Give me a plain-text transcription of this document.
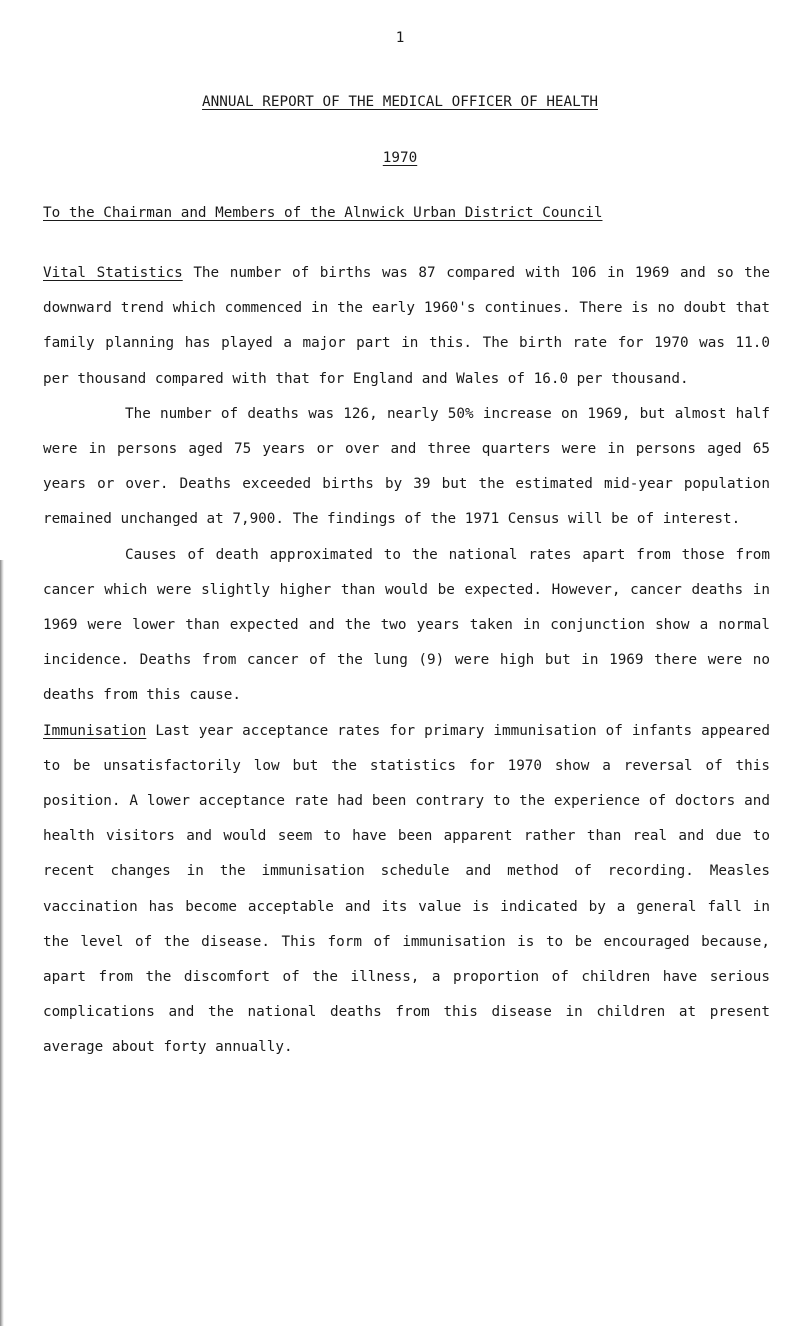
1
ANNUAL REPORT OF THE MEDICAL OFFICER OF HEALTH
1970
To the Chairman and Members of the Alnwick Urban District Council

Vital Statistics The number of births was 87 compared with 106 in 1969 and so the downward trend which commenced in the early 1960's continues. There is no doubt that family planning has played a major part in this. The birth rate for 1970 was 11.0 per thousand compared with that for England and Wales of 16.0 per thousand.

The number of deaths was 126, nearly 50% increase on 1969, but almost half were in persons aged 75 years or over and three quarters were in persons aged 65 years or over. Deaths exceeded births by 39 but the estimated mid-year population remained unchanged at 7,900. The findings of the 1971 Census will be of interest.

Causes of death approximated to the national rates apart from those from cancer which were slightly higher than would be expected. However, cancer deaths in 1969 were lower than expected and the two years taken in conjunction show a normal incidence. Deaths from cancer of the lung (9) were high but in 1969 there were no deaths from this cause.

Immunisation Last year acceptance rates for primary immunisation of infants appeared to be unsatisfactorily low but the statistics for 1970 show a reversal of this position. A lower acceptance rate had been contrary to the experience of doctors and health visitors and would seem to have been apparent rather than real and due to recent changes in the immunisation schedule and method of recording. Measles vaccination has become acceptable and its value is indicated by a general fall in the level of the disease. This form of immunisation is to be encouraged because, apart from the discomfort of the illness, a proportion of children have serious complications and the national deaths from this disease in children at present average about forty annually.
